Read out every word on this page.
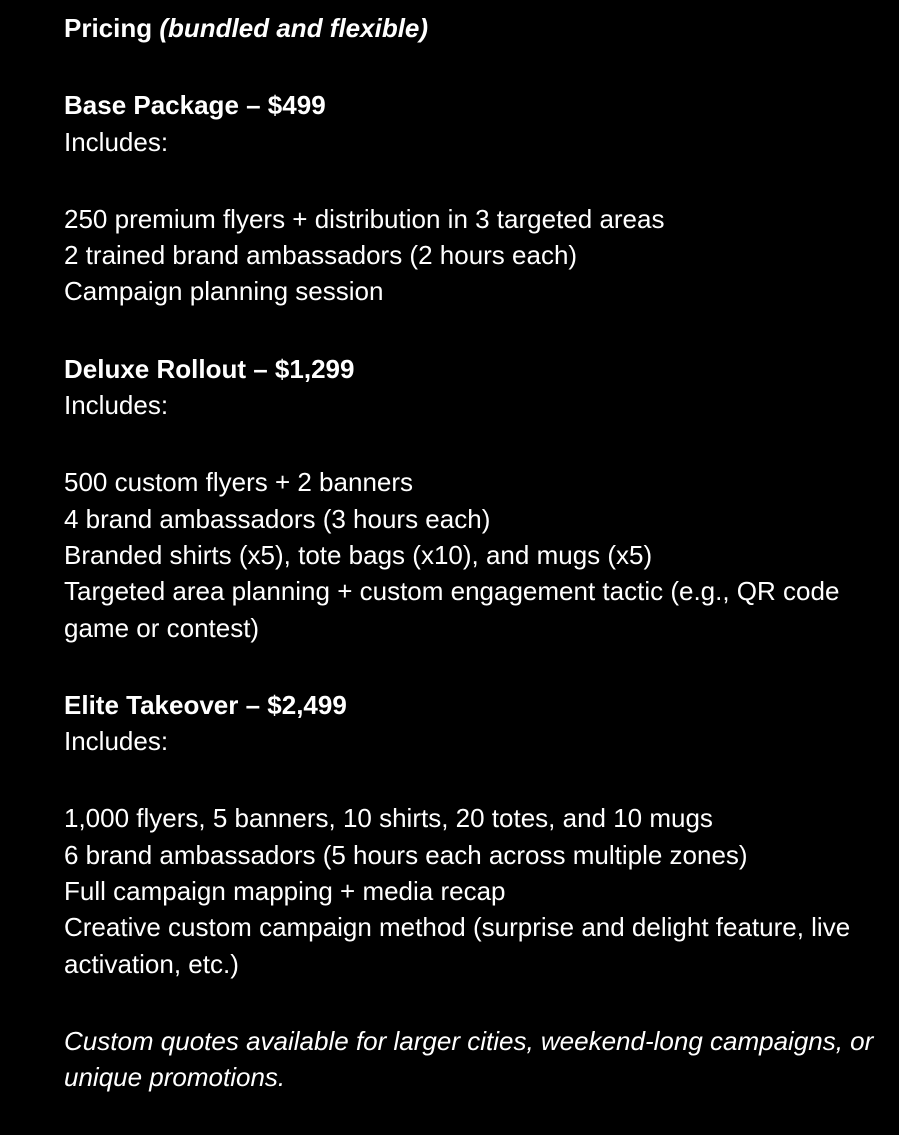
Pricing (bundled and flexible)
Base Package – $499
Includes:
250 premium flyers + distribution in 3 targeted areas
2 trained brand ambassadors (2 hours each)
Campaign planning session
Deluxe Rollout – $1,299
Includes:
500 custom flyers + 2 banners
4 brand ambassadors (3 hours each)
Branded shirts (x5), tote bags (x10), and mugs (x5)
Targeted area planning + custom engagement tactic (e.g., QR code
game or contest)
Elite Takeover – $2,499
Includes:
1,000 flyers, 5 banners, 10 shirts, 20 totes, and 10 mugs
6 brand ambassadors (5 hours each across multiple zones)
Full campaign mapping + media recap
Creative custom campaign method (surprise and delight feature, live
activation, etc.)
Custom quotes available for larger cities, weekend-long campaigns, or
unique promotions.
